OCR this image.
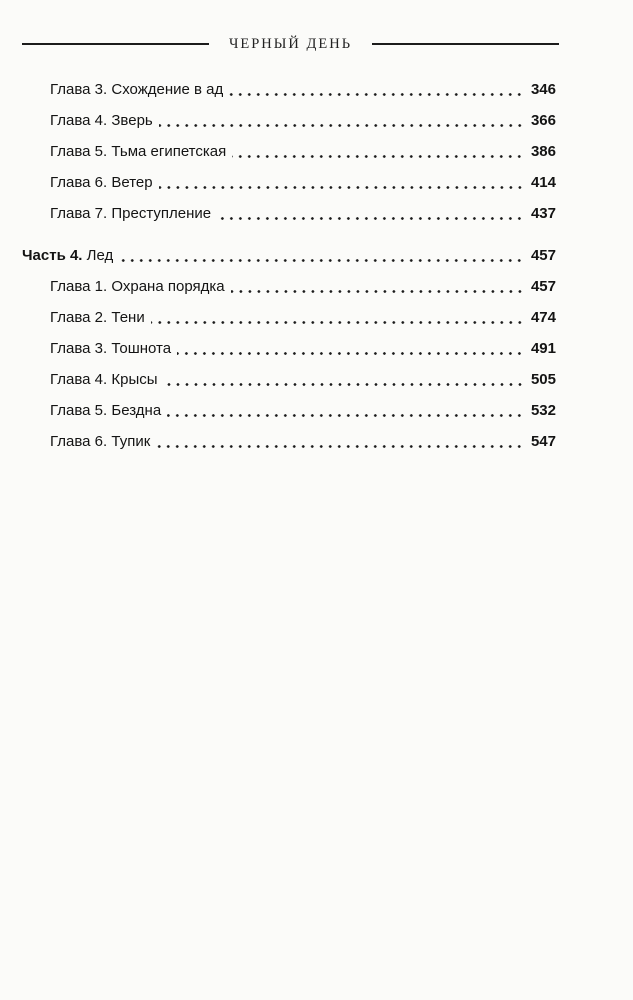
ЧЕРНЫЙ ДЕНЬ
Глава 3. Схождение в ад	346
Глава 4. Зверь	366
Глава 5. Тьма египетская	386
Глава 6. Ветер	414
Глава 7. Преступление	437
Часть 4. Лед	457
Глава 1. Охрана порядка	457
Глава 2. Тени	474
Глава 3. Тошнота	491
Глава 4. Крысы	505
Глава 5. Бездна	532
Глава 6. Тупик	547
